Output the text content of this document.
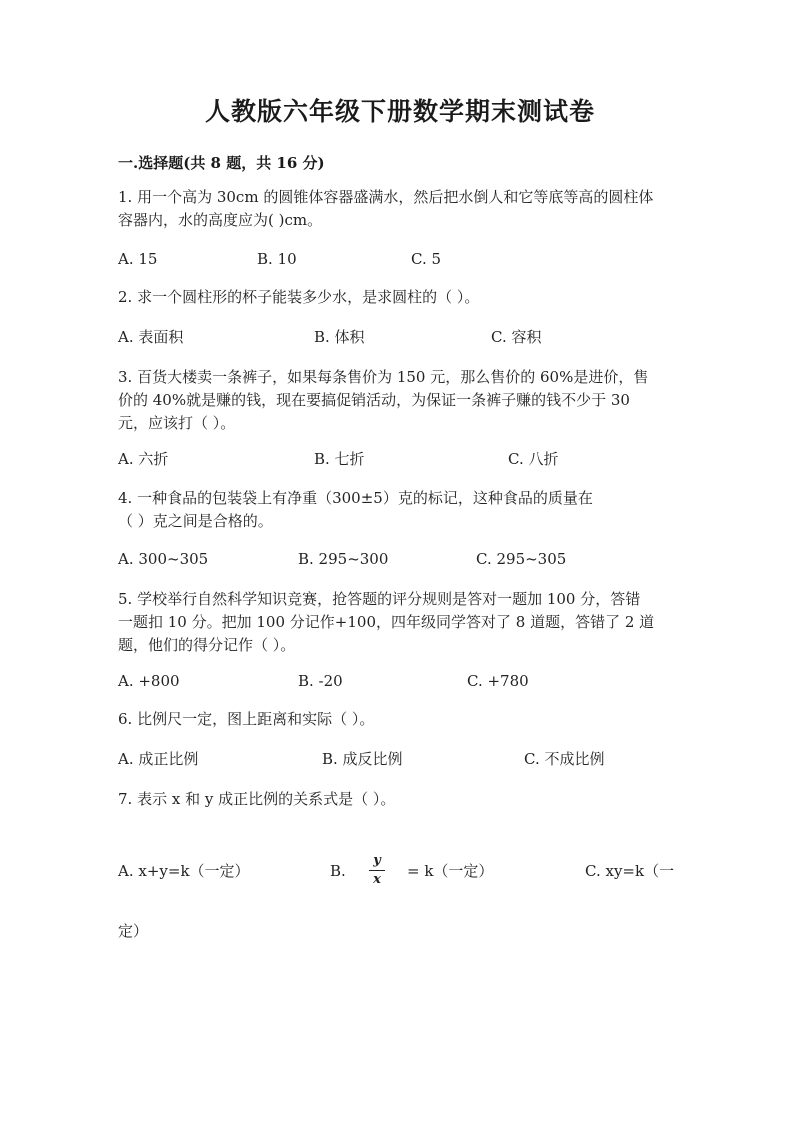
人教版六年级下册数学期末测试卷
一.选择题(共 8 题，共 16 分)
1. 用一个高为 30cm 的圆锥体容器盛满水，然后把水倒人和它等底等高的圆柱体
容器内，水的高度应为( )cm。
A. 15	B. 10	C. 5
2. 求一个圆柱形的杯子能装多少水，是求圆柱的（ ）。
A. 表面积	B. 体积	C. 容积
3. 百货大楼卖一条裤子，如果每条售价为 150 元，那么售价的 60%是进价，售
价的 40%就是赚的钱，现在要搞促销活动，为保证一条裤子赚的钱不少于 30
元，应该打（ ）。
A. 六折	B. 七折	C. 八折
4. 一种食品的包装袋上有净重（300±5）克的标记，这种食品的质量在
（ ）克之间是合格的。
A. 300~305	B. 295~300	C. 295~305
5. 学校举行自然科学知识竞赛，抢答题的评分规则是答对一题加 100 分，答错
一题扣 10 分。把加 100 分记作+100，四年级同学答对了 8 道题，答错了 2 道
题，他们的得分记作（ ）。
A. +800	B. -20	C. +780
6. 比例尺一定，图上距离和实际（ ）。
A. 成正比例	B. 成反比例	C. 不成比例
7. 表示 x 和 y 成正比例的关系式是（ ）。
A. x+y=k（一定）	B.
y
x	= k（一定）	C. xy=k（一
定）
